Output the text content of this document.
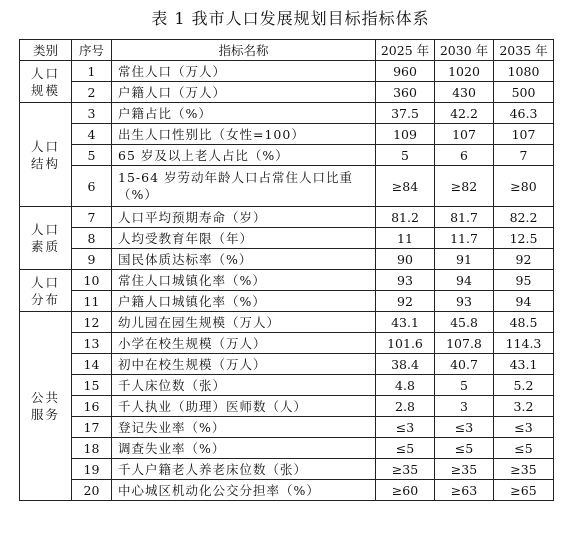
表 1 我市人口发展规划目标指标体系
类别	序号	指标名称	2025 年	2030 年	2035 年
人口规模	1	常住人口（万人）	960	1020	1080
	2	户籍人口（万人）	360	430	500
人口结构	3	户籍占比（%）	37.5	42.2	46.3
	4	出生人口性别比（女性=100）	109	107	107
	5	65 岁及以上老人占比（%）	5	6	7
	6	15-64 岁劳动年龄人口占常住人口比重（%）	≥84	≥82	≥80
人口素质	7	人口平均预期寿命（岁）	81.2	81.7	82.2
	8	人均受教育年限（年）	11	11.7	12.5
	9	国民体质达标率（%）	90	91	92
人口分布	10	常住人口城镇化率（%）	93	94	95
	11	户籍人口城镇化率（%）	92	93	94
公共服务	12	幼儿园在园生规模（万人）	43.1	45.8	48.5
	13	小学在校生规模（万人）	101.6	107.8	114.3
	14	初中在校生规模（万人）	38.4	40.7	43.1
	15	千人床位数（张）	4.8	5	5.2
	16	千人执业（助理）医师数（人）	2.8	3	3.2
	17	登记失业率（%）	≤3	≤3	≤3
	18	调查失业率（%）	≤5	≤5	≤5
	19	千人户籍老人养老床位数（张）	≥35	≥35	≥35
	20	中心城区机动化公交分担率（%）	≥60	≥63	≥65
